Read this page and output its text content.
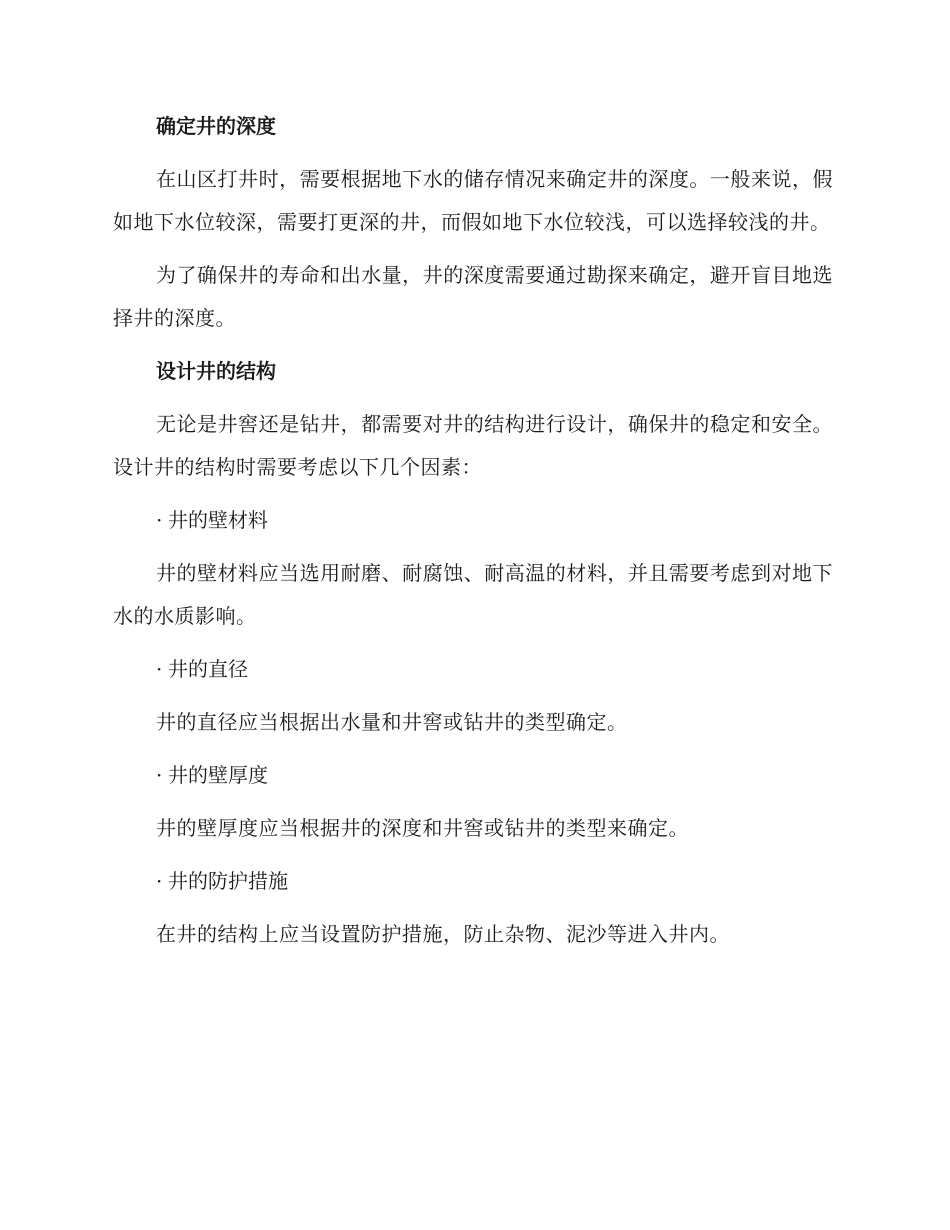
确定井的深度

在山区打井时，需要根据地下水的储存情况来确定井的深度。一般来说，假如地下水位较深，需要打更深的井，而假如地下水位较浅，可以选择较浅的井。

为了确保井的寿命和出水量，井的深度需要通过勘探来确定，避开盲目地选择井的深度。

设计井的结构

无论是井窖还是钻井，都需要对井的结构进行设计，确保井的稳定和安全。设计井的结构时需要考虑以下几个因素：

· 井的壁材料

井的壁材料应当选用耐磨、耐腐蚀、耐高温的材料，并且需要考虑到对地下水的水质影响。

· 井的直径

井的直径应当根据出水量和井窖或钻井的类型确定。

· 井的壁厚度

井的壁厚度应当根据井的深度和井窖或钻井的类型来确定。

· 井的防护措施

在井的结构上应当设置防护措施，防止杂物、泥沙等进入井内。
